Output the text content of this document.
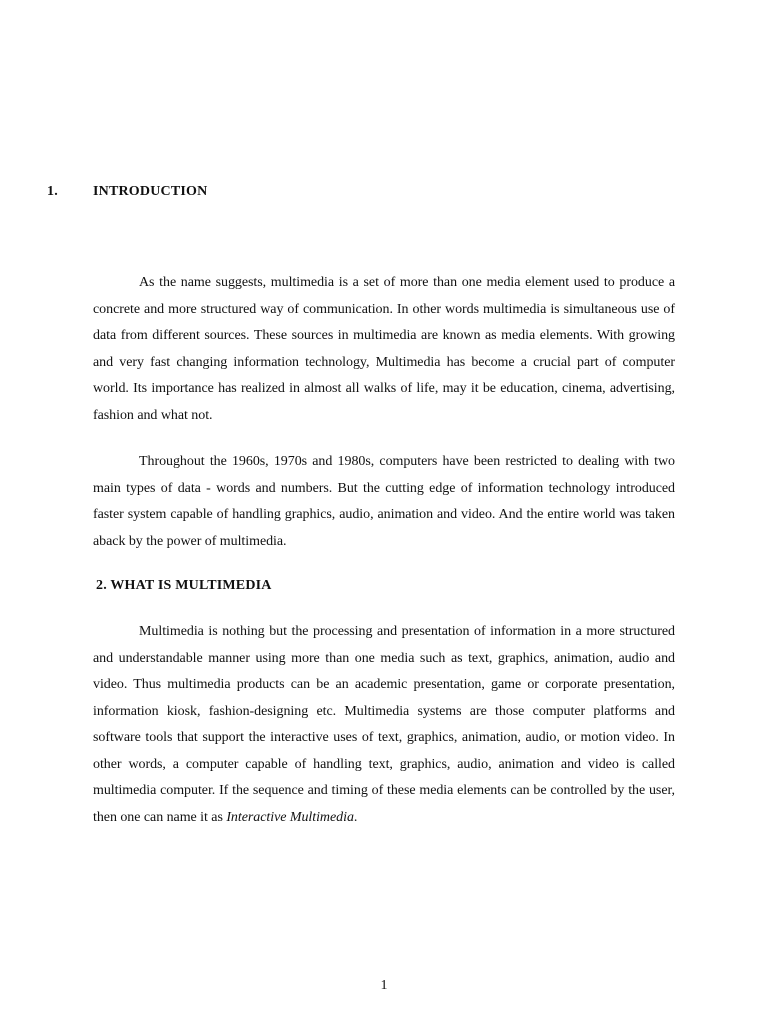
1.	INTRODUCTION

As the name suggests, multimedia is a set of more than one media element used to produce a concrete and more structured way of communication. In other words multimedia is simultaneous use of data from different sources. These sources in multimedia are known as media elements. With growing and very fast changing information technology, Multimedia has become a crucial part of computer world. Its importance has realized in almost all walks of life, may it be education, cinema, advertising, fashion and what not.

Throughout the 1960s, 1970s and 1980s, computers have been restricted to dealing with two main types of data - words and numbers. But the cutting edge of information technology introduced faster system capable of handling graphics, audio, animation and video. And the entire world was taken aback by the power of multimedia.

2. WHAT IS MULTIMEDIA

Multimedia is nothing but the processing and presentation of information in a more structured and understandable manner using more than one media such as text, graphics, animation, audio and video. Thus multimedia products can be an academic presentation, game or corporate presentation, information kiosk, fashion-designing etc. Multimedia systems are those computer platforms and software tools that support the interactive uses of text, graphics, animation, audio, or motion video. In other words, a computer capable of handling text, graphics, audio, animation and video is called multimedia computer. If the sequence and timing of these media elements can be controlled by the user, then one can name it as Interactive Multimedia.

1
